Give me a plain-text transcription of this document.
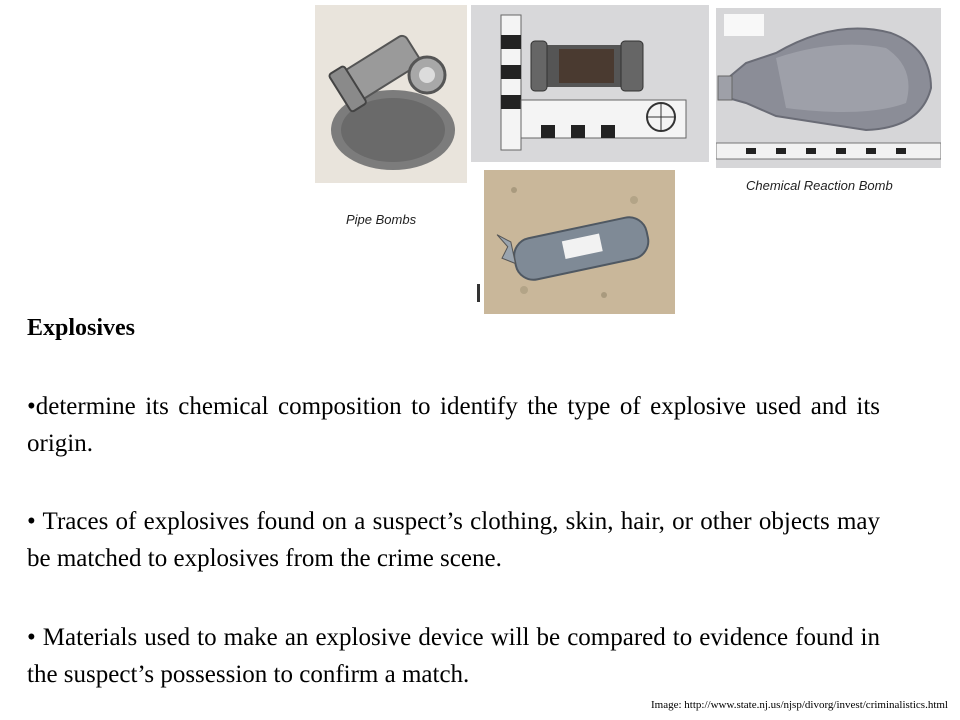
Pipe Bombs
Chemical Reaction Bomb
Explosives
•determine its chemical composition to identify the type of explosive used and its origin.
• Traces of explosives found on a suspect’s clothing, skin, hair, or other objects may be matched to explosives from the crime scene.
• Materials used to make an explosive device will be compared to evidence found in the suspect’s possession to confirm a match.
Image: http://www.state.nj.us/njsp/divorg/invest/criminalistics.html
